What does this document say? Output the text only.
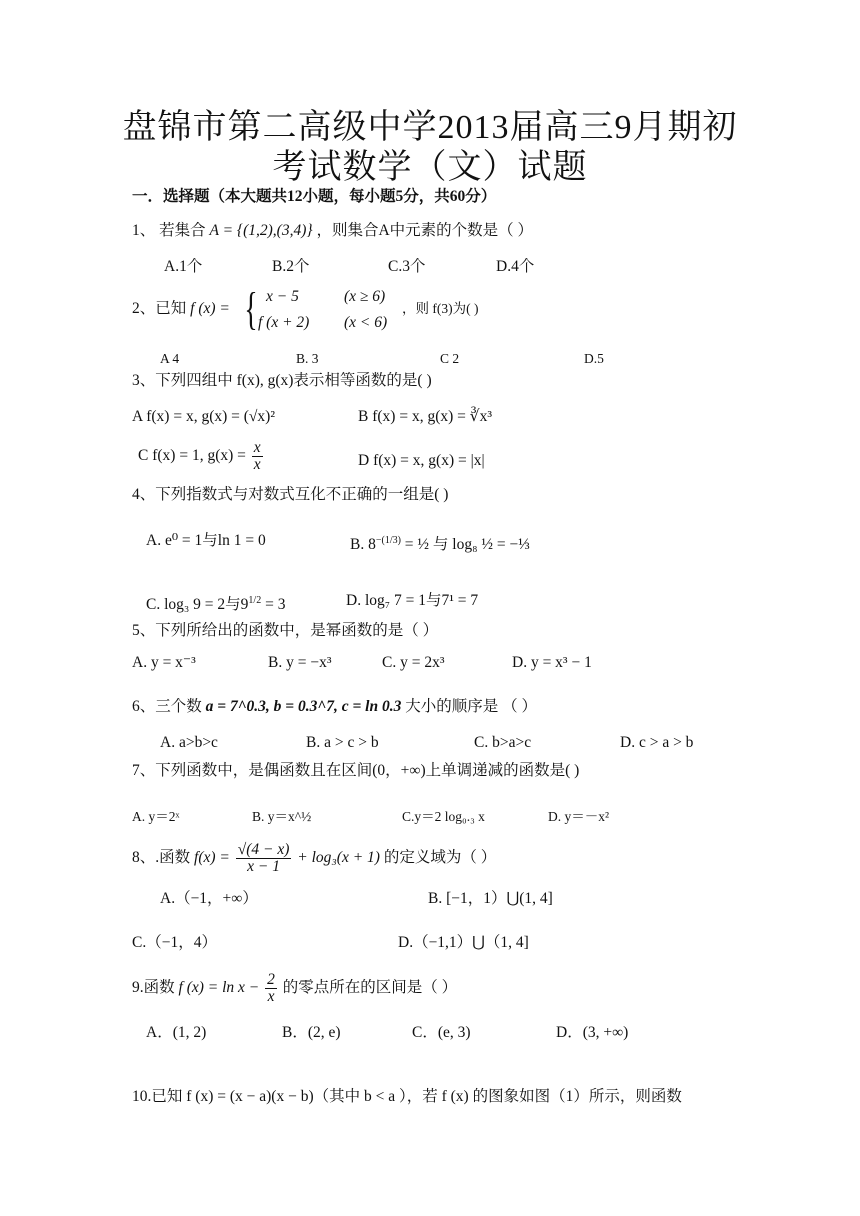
盘锦市第二高级中学2013届高三9月期初
考试数学（文）试题
一．选择题（本大题共12小题，每小题5分，共60分）
1、 若集合 A = {(1,2),(3,4)} ，则集合A中元素的个数是（ ）
A.1个	B.2个	C.3个	D.4个
2、已知 f (x) = { x − 5	(x ≥ 6)
f (x + 2) (x < 6)
，则 f(3)为( )
A 4	B. 3	C 2	D.5
3、下列四组中 f(x), g(x)表示相等函数的是( )
A f(x) = x, g(x) = (√x)²	B f(x) = x, g(x) = ∛x³
C f(x) = 1, $g(x) = \frac{x}{x}$	D f(x) = x, g(x) = |x|
4、下列指数式与对数式互化不正确的一组是( )
A. e⁰ = 1与ln 1 = 0	B. $8^{-(1/3)}$ = ½ 与 log₈ ½ = −⅓
C. log₃ 9 = 2与$9^{1/2} = 3$	D. log₇ 7 = 1与7¹ = 7
5、下列所给出的函数中，是幂函数的是（ ）
A. y = x⁻³	B. y = −x³	C. y = 2x³	D. y = x³ − 1
6、三个数 a = 7^0.3, b = 0.3^7, c = ln 0.3 大小的顺序是 （ ）
A. a>b>c	B. a > c > b	C. b>a>c	D. c > a > b
7、下列函数中，是偶函数且在区间(0，+∞)上单调递减的函数是( )
A. y＝2ˣ	B. y＝x^½	C.y＝2 log₀.₃ x	D. y＝－x²
8、.函数 $f(x) = \frac{√(4 - x)}{x - 1} + \log_3(x + 1)$ 的定义域为（ ）
A.（−1，+∞）	B. [−1，1）⋃(1, 4]
C.（−1，4）	D.（−1,1）⋃（1, 4]
9.函数 f $(x) = \ln x - \frac{2}{x}$ 的零点所在的区间是（ ）
A．(1, 2)	B．(2, e)	C．(e, 3)	D．(3, +∞)
10.已知 f (x) = (x − a)(x − b)（其中 b < a ），若 f (x) 的图象如图（1）所示，则函数
